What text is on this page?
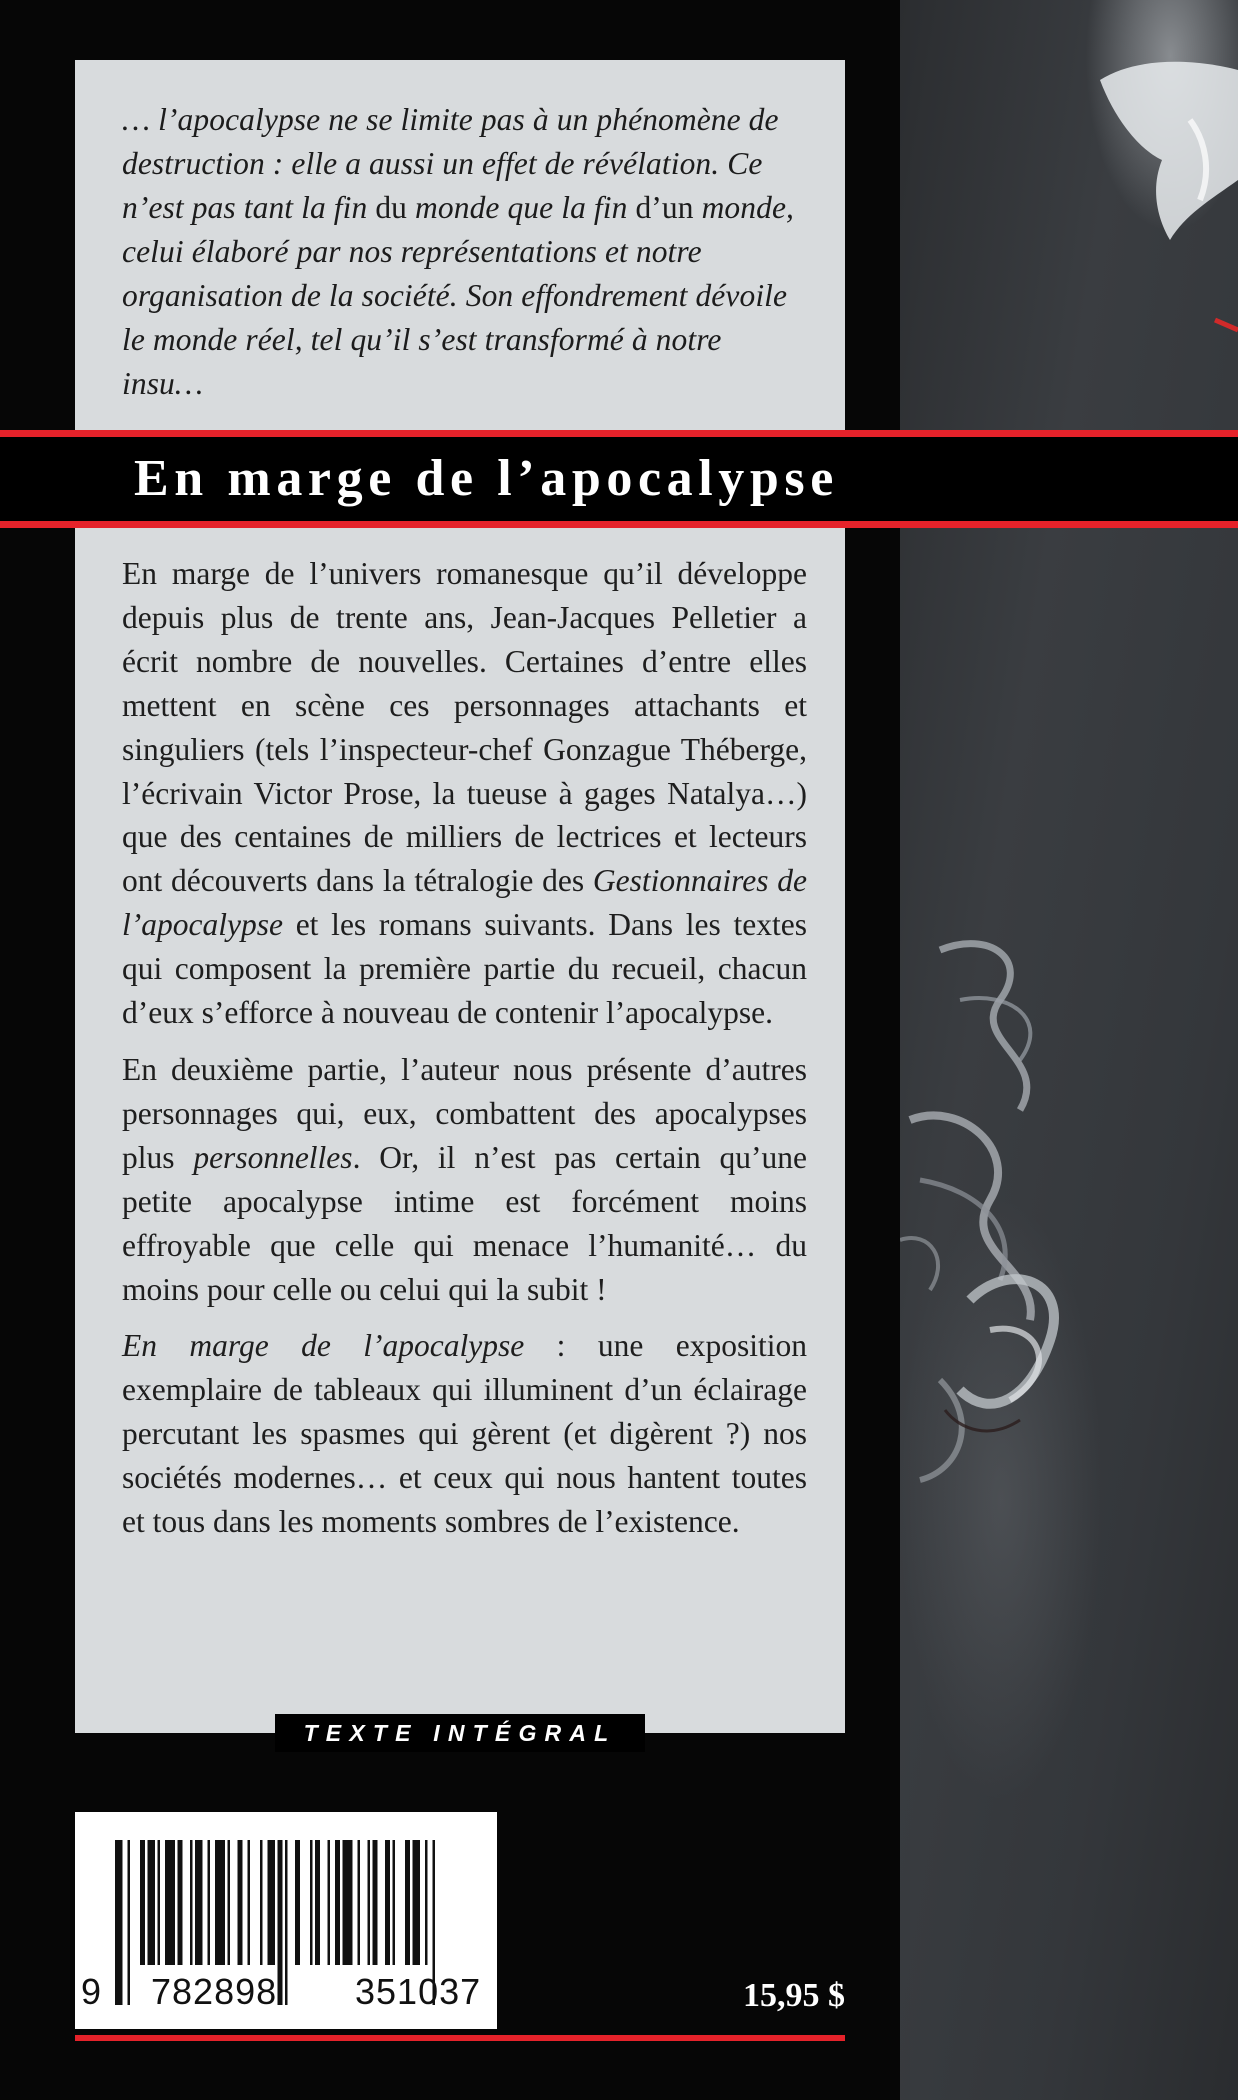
… l’apocalypse ne se limite pas à un phénomène de destruction : elle a aussi un effet de révélation. Ce n’est pas tant la fin du monde que la fin d’un monde, celui élaboré par nos représentations et notre organisation de la société. Son effondrement dévoile le monde réel, tel qu’il s’est transformé à notre insu…

En marge de l’apocalypse

En marge de l’univers romanesque qu’il développe depuis plus de trente ans, Jean-Jacques Pelletier a écrit nombre de nouvelles. Certaines d’entre elles mettent en scène ces personnages attachants et singuliers (tels l’inspecteur-chef Gonzague Théberge, l’écrivain Victor Prose, la tueuse à gages Natalya…) que des centaines de milliers de lectrices et lecteurs ont découverts dans la tétralogie des Gestionnaires de l’apocalypse et les romans suivants. Dans les textes qui composent la première partie du recueil, chacun d’eux s’efforce à nouveau de contenir l’apocalypse.

En deuxième partie, l’auteur nous présente d’autres personnages qui, eux, combattent des apocalypses plus personnelles. Or, il n’est pas certain qu’une petite apocalypse intime est forcément moins effroyable que celle qui menace l’humanité… du moins pour celle ou celui qui la subit !

En marge de l’apocalypse : une exposition exemplaire de tableaux qui illuminent d’un éclairage percutant les spasmes qui gèrent (et digèrent ?) nos sociétés modernes… et ceux qui nous hantent toutes et tous dans les moments sombres de l’existence.

TEXTE INTÉGRAL

9 782898 351037	15,95 $
